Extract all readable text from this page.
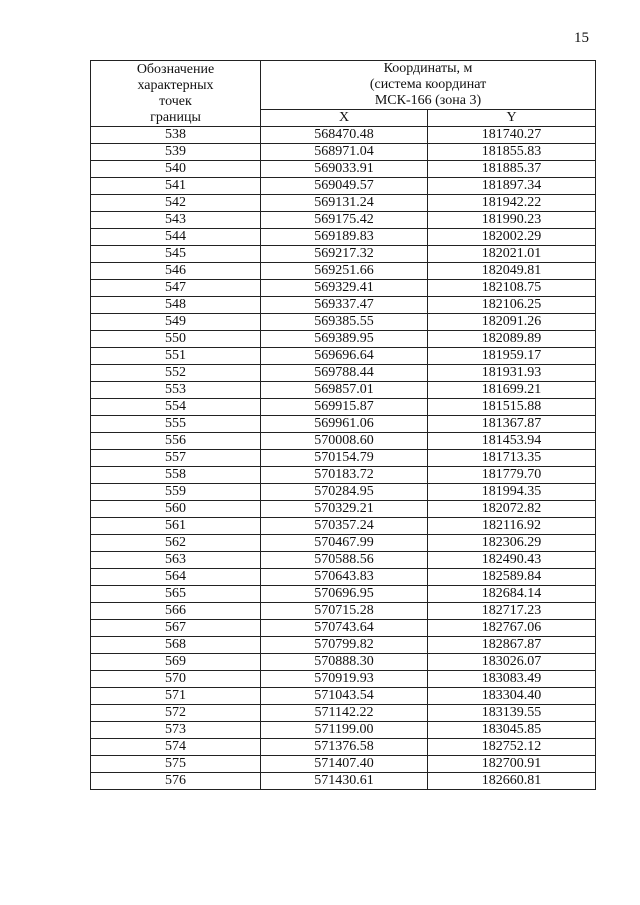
15
Обозначение
характерных
точек
границы	Координаты, м
(система координат
МСК-166 (зона 3)	
	X	Y
538	568470.48	181740.27
539	568971.04	181855.83
540	569033.91	181885.37
541	569049.57	181897.34
542	569131.24	181942.22
543	569175.42	181990.23
544	569189.83	182002.29
545	569217.32	182021.01
546	569251.66	182049.81
547	569329.41	182108.75
548	569337.47	182106.25
549	569385.55	182091.26
550	569389.95	182089.89
551	569696.64	181959.17
552	569788.44	181931.93
553	569857.01	181699.21
554	569915.87	181515.88
555	569961.06	181367.87
556	570008.60	181453.94
557	570154.79	181713.35
558	570183.72	181779.70
559	570284.95	181994.35
560	570329.21	182072.82
561	570357.24	182116.92
562	570467.99	182306.29
563	570588.56	182490.43
564	570643.83	182589.84
565	570696.95	182684.14
566	570715.28	182717.23
567	570743.64	182767.06
568	570799.82	182867.87
569	570888.30	183026.07
570	570919.93	183083.49
571	571043.54	183304.40
572	571142.22	183139.55
573	571199.00	183045.85
574	571376.58	182752.12
575	571407.40	182700.91
576	571430.61	182660.81
